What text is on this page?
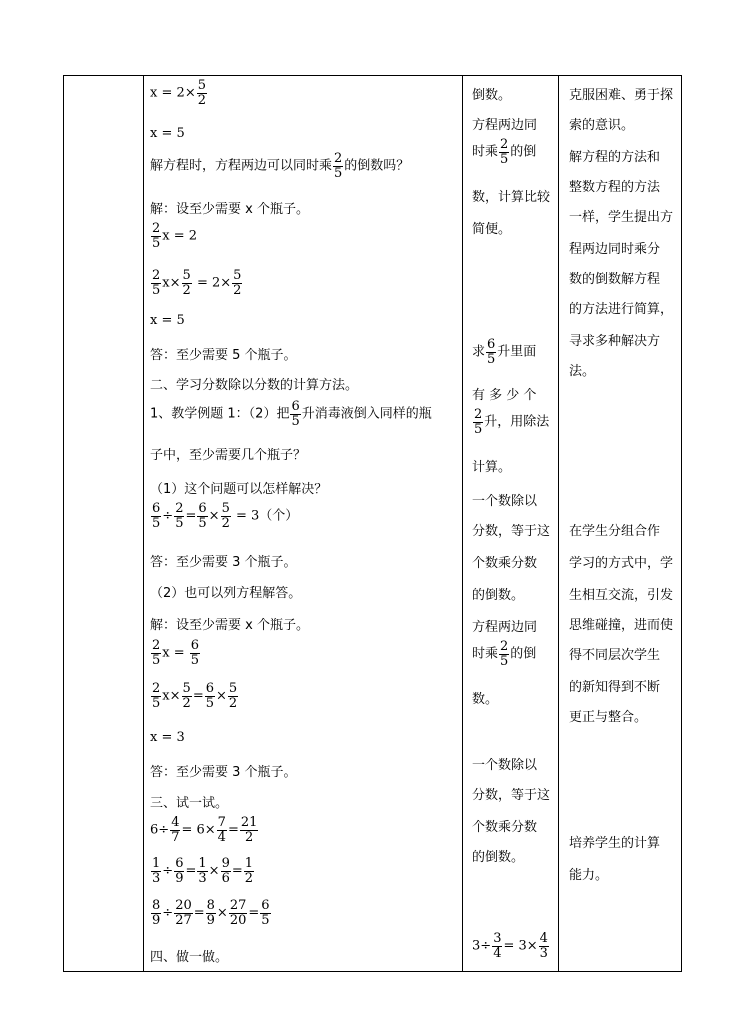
$x = 2\times \frac{5}{2}$
x = 5
解方程时，方程两边可以同时乘 $\frac{2}{5}$ 的倒数吗？
解：设至少需要 x 个瓶子。
$\frac{2}{5}$ x = 2
$\frac{2}{5} x\times \frac{5}{2} = 2\times \frac{5}{2}$
x = 5
答：至少需要 5 个瓶子。
二、学习分数除以分数的计算方法。
1、教学例题 1：（2）把 $\frac{6}{5}$ 升消毒液倒入同样的瓶
子中，至少需要几个瓶子？
（1）这个问题可以怎样解决？
$\frac{6}{5} \div \frac{2}{5} = \frac{6}{5} \times \frac{5}{2} = 3$（个）
答：至少需要 3 个瓶子。
（2）也可以列方程解答。
解：设至少需要 x 个瓶子。
$\frac{2}{5}$ $x = \frac{6}{5}$
$\frac{2}{5} x\times \frac{5}{2} = \frac{6}{5} \times \frac{5}{2}$
x = 3
答：至少需要 3 个瓶子。
三、试一试。
$6\div \frac{4}{7} = 6\times \frac{7}{4} = \frac{21}{2}$
$\frac{1}{3} \div \frac{6}{9} = \frac{1}{3} \times \frac{9}{6} = \frac{1}{2}$
$\frac{8}{9} \div \frac{20}{27} = \frac{8}{9} \times \frac{27}{20} = \frac{6}{5}$
四、做一做。
倒数。
方程两边同
时乘 $\frac{2}{5}$ 的倒
数，计算比较
简便。
求 $\frac{6}{5}$ 升里面
有 多 少 个
$\frac{2}{5}$ 升，用除法
计算。
一个数除以
分数，等于这
个数乘分数
的倒数。
方程两边同
时乘 $\frac{2}{5}$ 的倒
数。
一个数除以
分数，等于这
个数乘分数
的倒数。
$3\div \frac{3}{4} = 3\times \frac{4}{3}$
克服困难、勇于探
索的意识。
解方程的方法和
整数方程的方法
一样，学生提出方
程两边同时乘分
数的倒数解方程
的方法进行简算，
寻求多种解决方
法。
在学生分组合作
学习的方式中，学
生相互交流，引发
思维碰撞，进而使
得不同层次学生
的新知得到不断
更正与整合。
培养学生的计算
能力。
